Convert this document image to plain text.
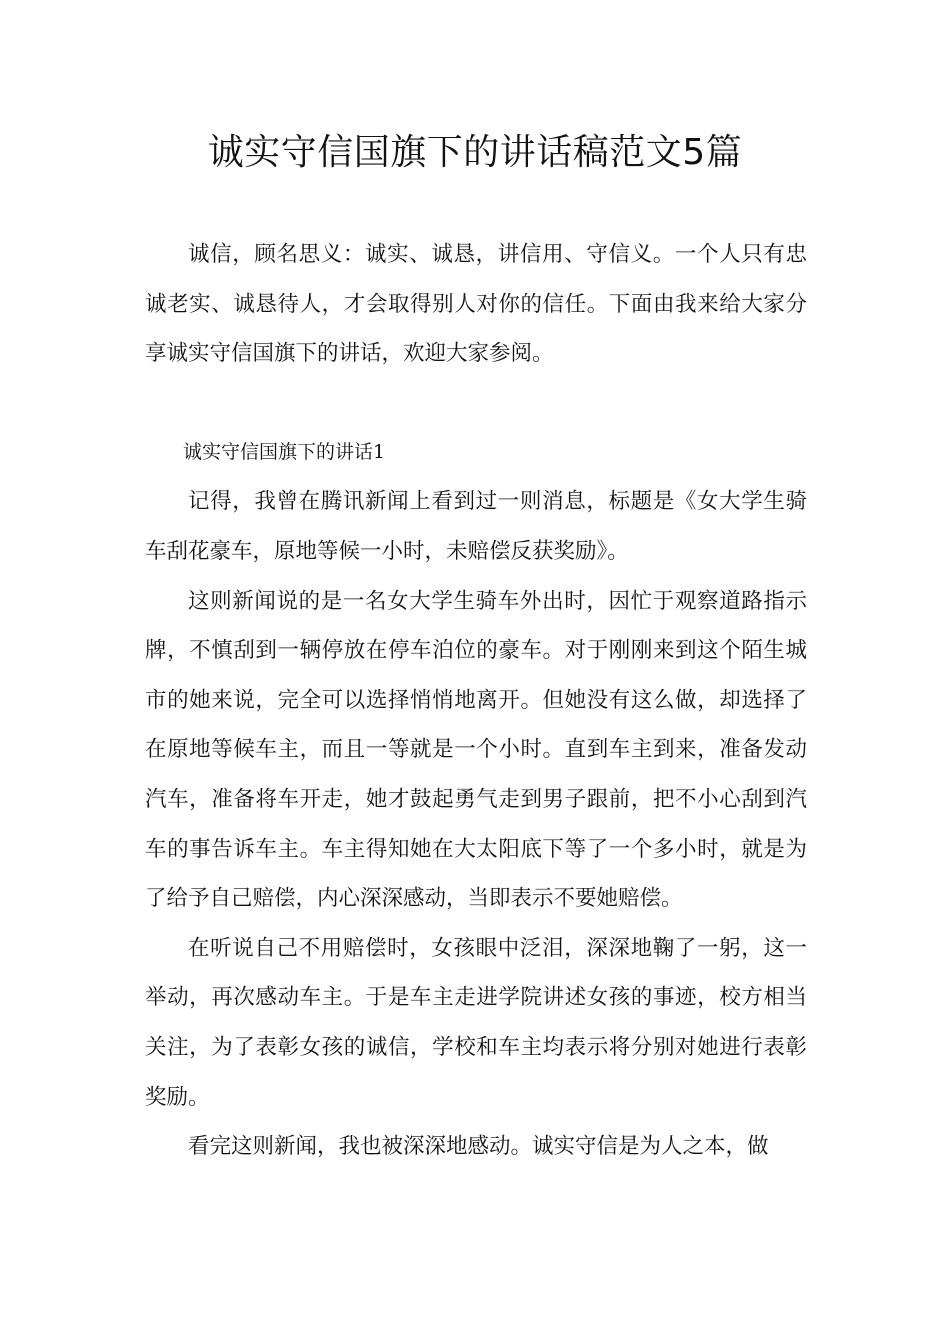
诚实守信国旗下的讲话稿范文5篇

诚信，顾名思义：诚实、诚恳，讲信用、守信义。一个人只有忠诚老实、诚恳待人，才会取得别人对你的信任。下面由我来给大家分享诚实守信国旗下的讲话，欢迎大家参阅。

诚实守信国旗下的讲话1

记得，我曾在腾讯新闻上看到过一则消息，标题是《女大学生骑车刮花豪车，原地等候一小时，未赔偿反获奖励》。

这则新闻说的是一名女大学生骑车外出时，因忙于观察道路指示牌，不慎刮到一辆停放在停车泊位的豪车。对于刚刚来到这个陌生城市的她来说，完全可以选择悄悄地离开。但她没有这么做，却选择了在原地等候车主，而且一等就是一个小时。直到车主到来，准备发动汽车，准备将车开走，她才鼓起勇气走到男子跟前，把不小心刮到汽车的事告诉车主。车主得知她在大太阳底下等了一个多小时，就是为了给予自己赔偿，内心深深感动，当即表示不要她赔偿。

在听说自己不用赔偿时，女孩眼中泛泪，深深地鞠了一躬，这一举动，再次感动车主。于是车主走进学院讲述女孩的事迹，校方相当关注，为了表彰女孩的诚信，学校和车主均表示将分别对她进行表彰奖励。

看完这则新闻，我也被深深地感动。诚实守信是为人之本，做
